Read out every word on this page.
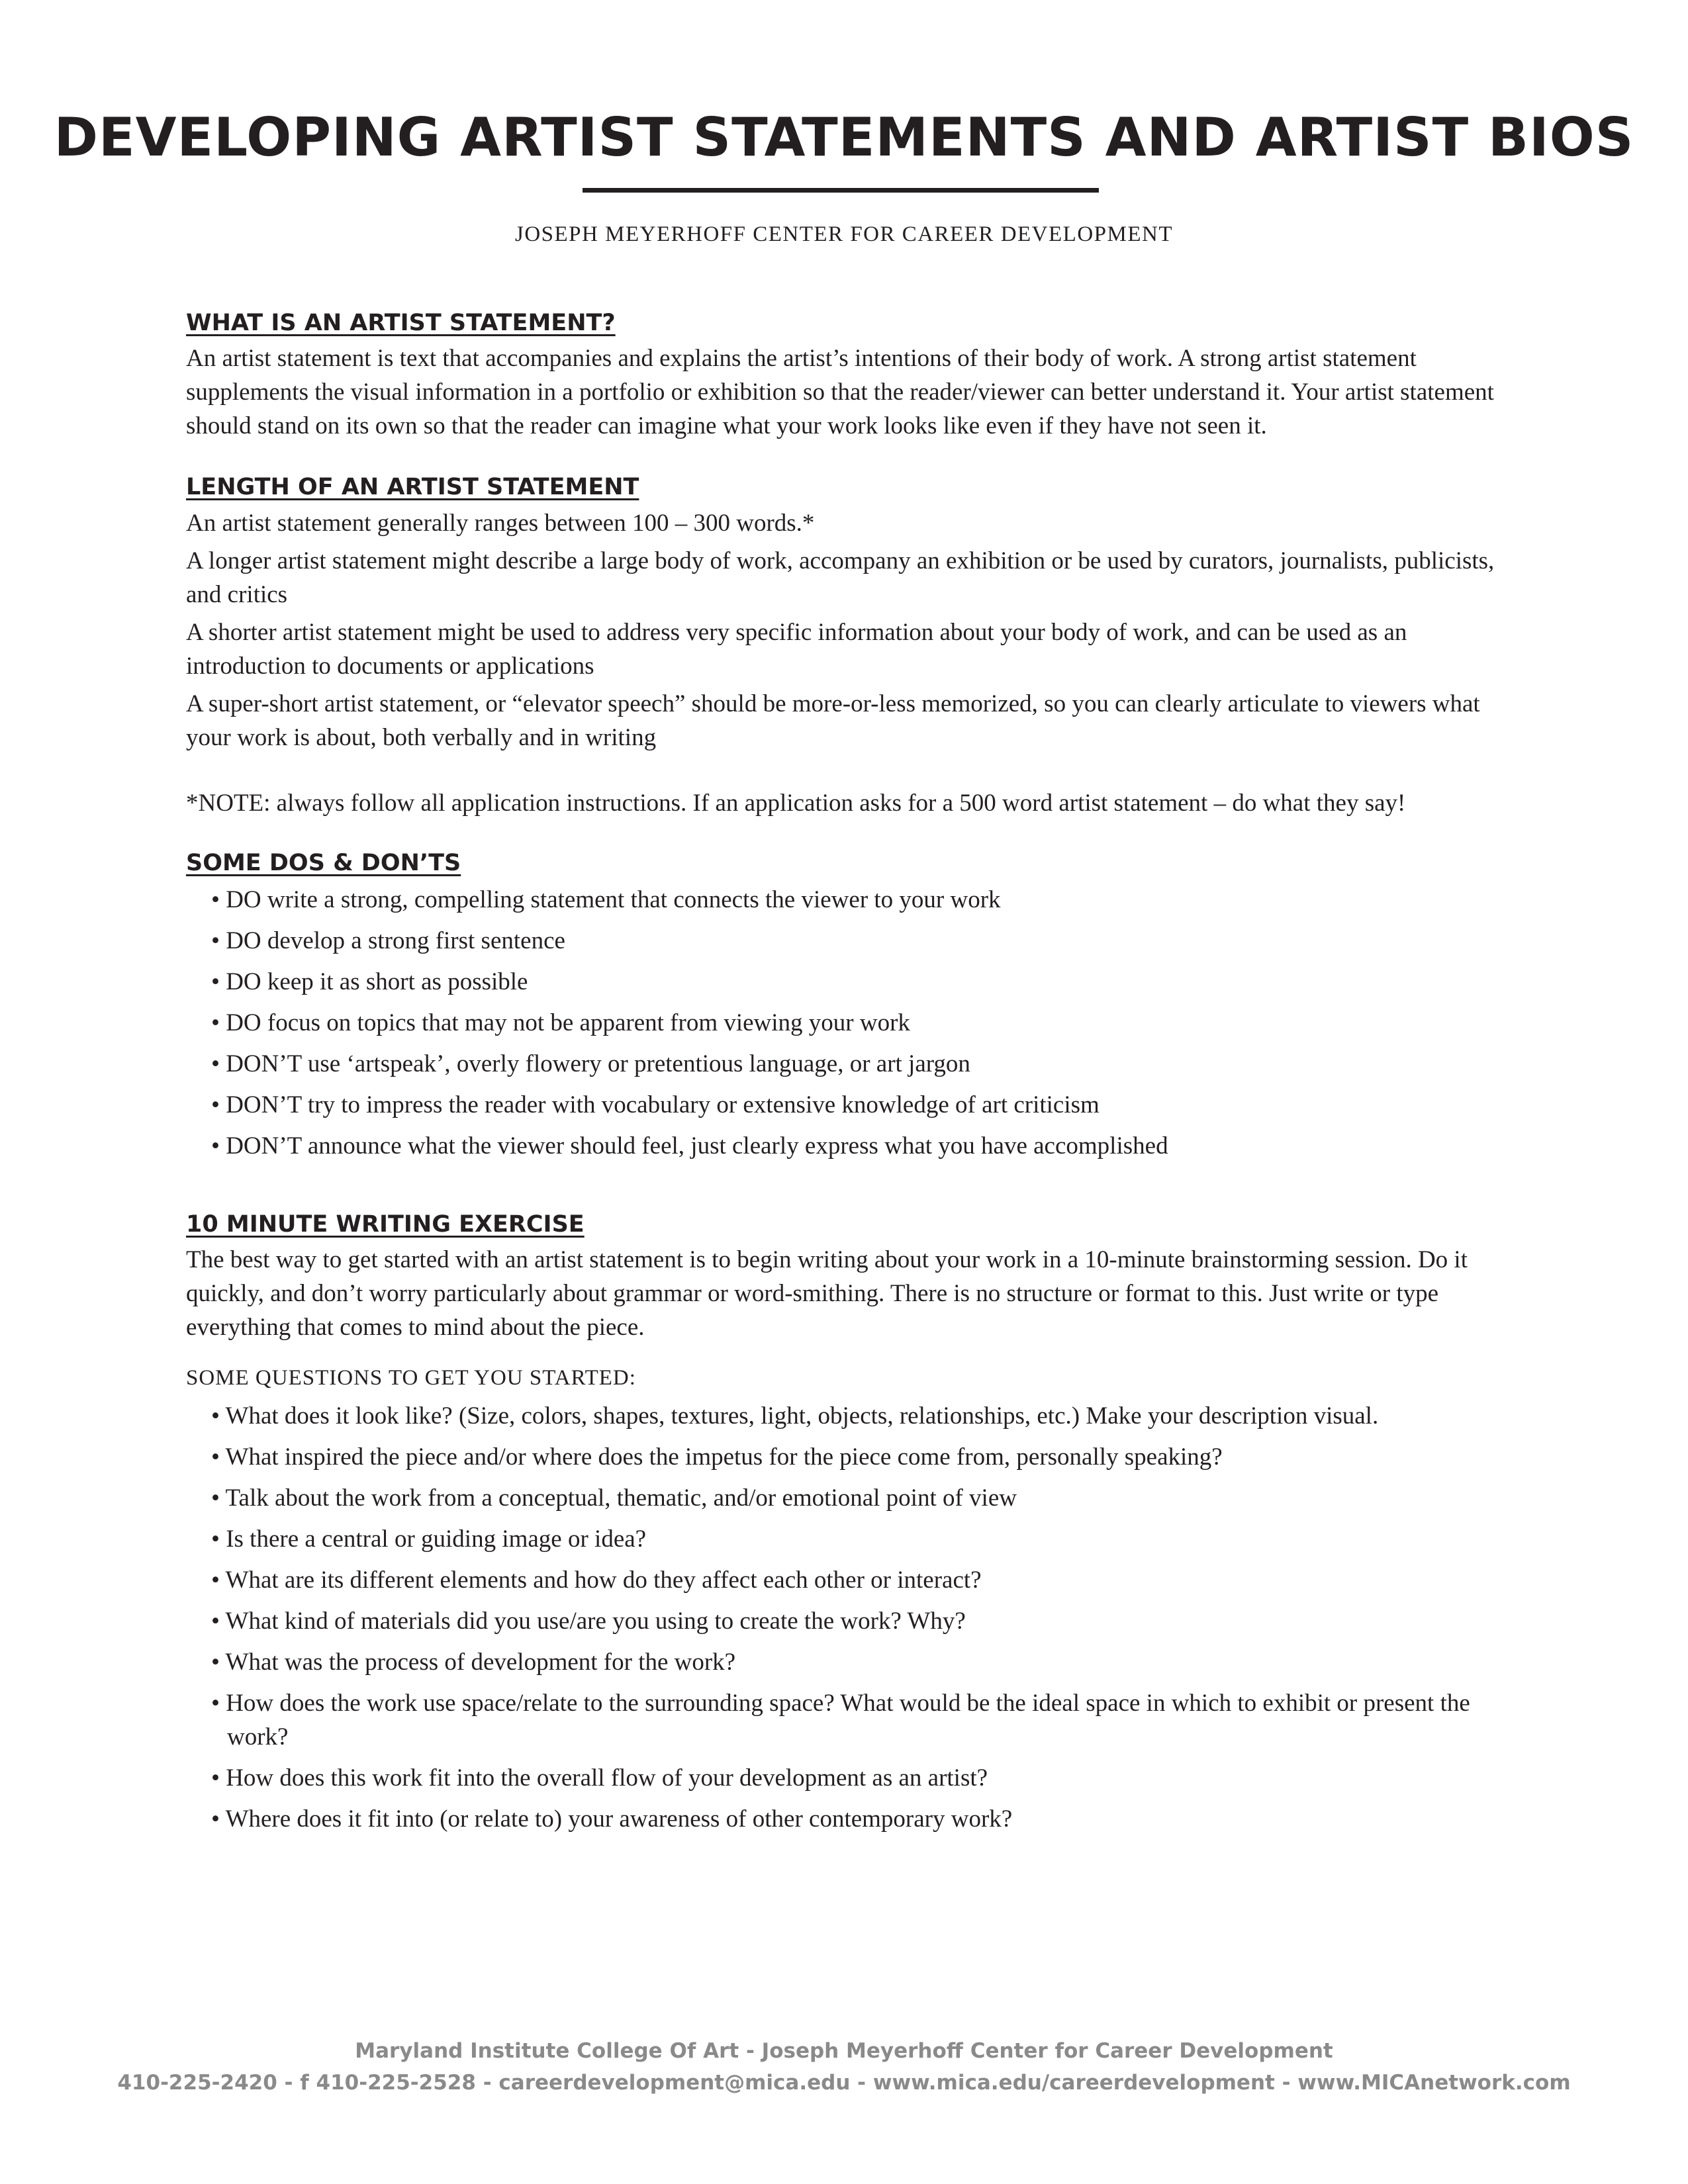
DEVELOPING ARTIST STATEMENTS AND ARTIST BIOS
JOSEPH MEYERHOFF CENTER FOR CAREER DEVELOPMENT
WHAT IS AN ARTIST STATEMENT?

An artist statement is text that accompanies and explains the artist’s intentions of their body of work. A strong artist statement supplements the visual information in a portfolio or exhibition so that the reader/viewer can better understand it. Your artist statement should stand on its own so that the reader can imagine what your work looks like even if they have not seen it.

LENGTH OF AN ARTIST STATEMENT

An artist statement generally ranges between 100 – 300 words.*

A longer artist statement might describe a large body of work, accompany an exhibition or be used by curators, journalists, publicists, and critics

A shorter artist statement might be used to address very specific information about your body of work, and can be used as an introduction to documents or applications

A super-short artist statement, or “elevator speech” should be more-or-less memorized, so you can clearly articulate to viewers what your work is about, both verbally and in writing

*NOTE: always follow all application instructions. If an application asks for a 500 word artist statement – do what they say!

SOME DOS & DON’TS

• DO write a strong, compelling statement that connects the viewer to your work

• DO develop a strong first sentence

• DO keep it as short as possible

• DO focus on topics that may not be apparent from viewing your work

• DON’T use ‘artspeak’, overly flowery or pretentious language, or art jargon

• DON’T try to impress the reader with vocabulary or extensive knowledge of art criticism

• DON’T announce what the viewer should feel, just clearly express what you have accomplished

10 MINUTE WRITING EXERCISE

The best way to get started with an artist statement is to begin writing about your work in a 10-minute brainstorming session. Do it quickly, and don’t worry particularly about grammar or word-smithing. There is no structure or format to this. Just write or type everything that comes to mind about the piece.

SOME QUESTIONS TO GET YOU STARTED:

• What does it look like? (Size, colors, shapes, textures, light, objects, relationships, etc.) Make your description visual.

• What inspired the piece and/or where does the impetus for the piece come from, personally speaking?

• Talk about the work from a conceptual, thematic, and/or emotional point of view

• Is there a central or guiding image or idea?

• What are its different elements and how do they affect each other or interact?

• What kind of materials did you use/are you using to create the work? Why?

• What was the process of development for the work?

• How does the work use space/relate to the surrounding space? What would be the ideal space in which to exhibit or present the work?

• How does this work fit into the overall flow of your development as an artist?

• Where does it fit into (or relate to) your awareness of other contemporary work?

Maryland Institute College Of Art - Joseph Meyerhoff Center for Career Development
410-225-2420 - f 410-225-2528 - careerdevelopment@mica.edu - www.mica.edu/careerdevelopment - www.MICAnetwork.com
